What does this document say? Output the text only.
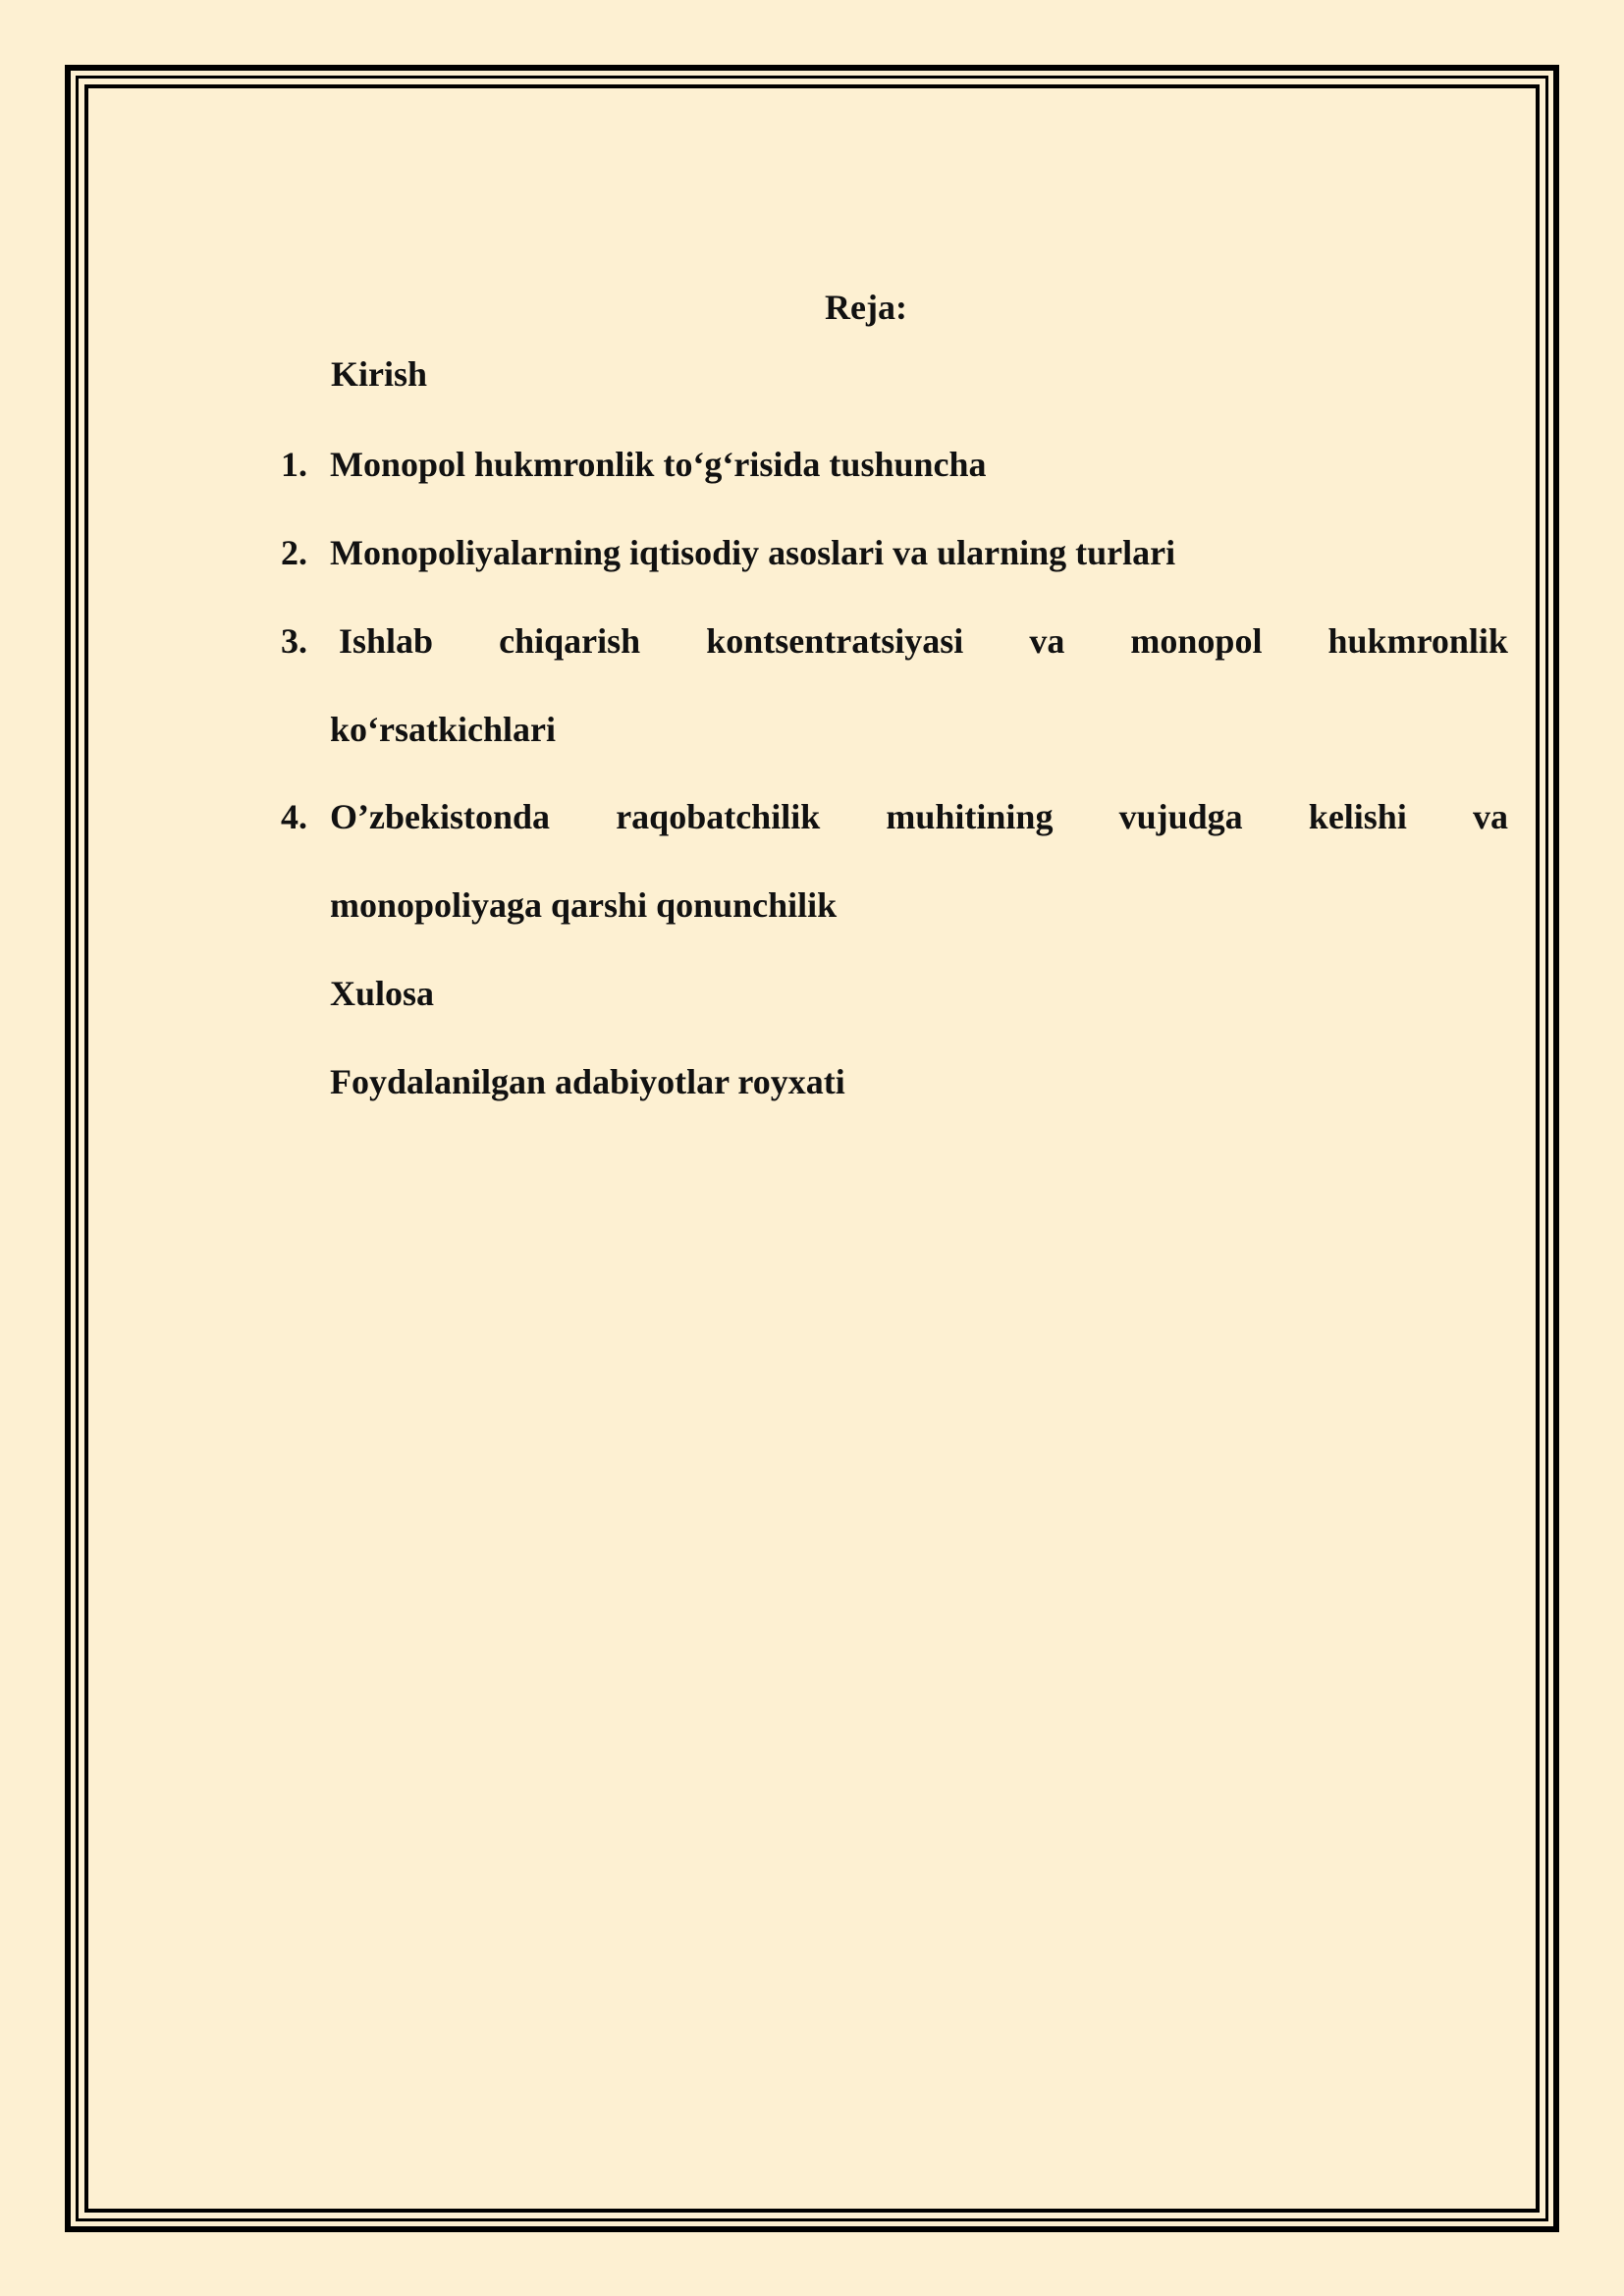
Reja:
Kirish
1. Monopol hukmronlik to‘g‘risida tushuncha
2. Monopoliyalarning iqtisodiy asoslari va ularning turlari
3. Ishlab chiqarish kontsentratsiyasi va monopol hukmronlik
ko‘rsatkichlari
4. O’zbekistonda raqobatchilik muhitining vujudga kelishi va
monopoliyaga qarshi qonunchilik
Xulosa
Foydalanilgan adabiyotlar royxati
